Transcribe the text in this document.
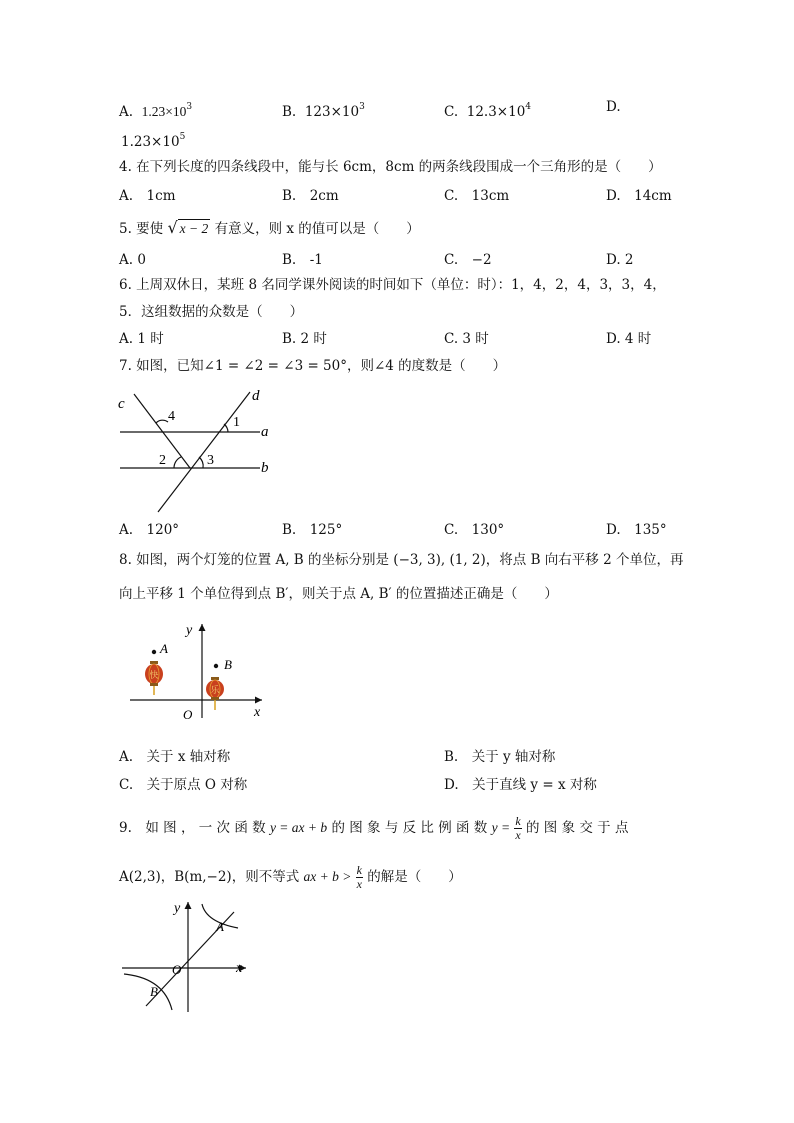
A. $1.23\times 10^3$	B. $123\times 10^3$	C. $12.3\times 10^4$	D.
$1.23\times 10^5$
4. 在下列长度的四条线段中，能与长 6cm，8cm 的两条线段围成一个三角形的是（　　）
A.　1cm	B.　2cm	C.　13cm	D.　14cm
5. 要使 √ x − 2 有意义，则 x 的值可以是（　　）
A. 0	B.　-1	C.　−2	D. 2
6. 上周双休日，某班 8 名同学课外阅读的时间如下（单位：时）：1，4，2，4，3，3，4，
5．这组数据的众数是（　　）
A. 1 时	B. 2 时	C. 3 时	D. 4 时
7. 如图，已知∠1 = ∠2 = ∠3 = 50°，则∠4 的度数是（　　）
c	d
a
b
4	1
2	3
A.　120°	B.　125°	C.　130°	D.　135°
8. 如图，两个灯笼的位置 A, B 的坐标分别是 (−3, 3), (1, 2)，将点 B 向右平移 2 个单位，再
向上平移 1 个单位得到点 B′，则关于点 A, B′ 的位置描述正确是（　　）
y
x
O
A
B
快
乐
A.　关于 x 轴对称	B.　关于 y 轴对称
C.　关于原点 O 对称	D.　关于直线 y = x 对称
9.　如 图 ， 一 次 函 数 y = ax + b 的 图 象 与 反 比 例 函 数 $y = \frac{k}{x}$ 的 图 象 交 于 点
A(2,3)，B(m,−2)，则不等式 ax + $b > \frac{k}{x}$ 的解是（　　）
y
x
O
A
B
